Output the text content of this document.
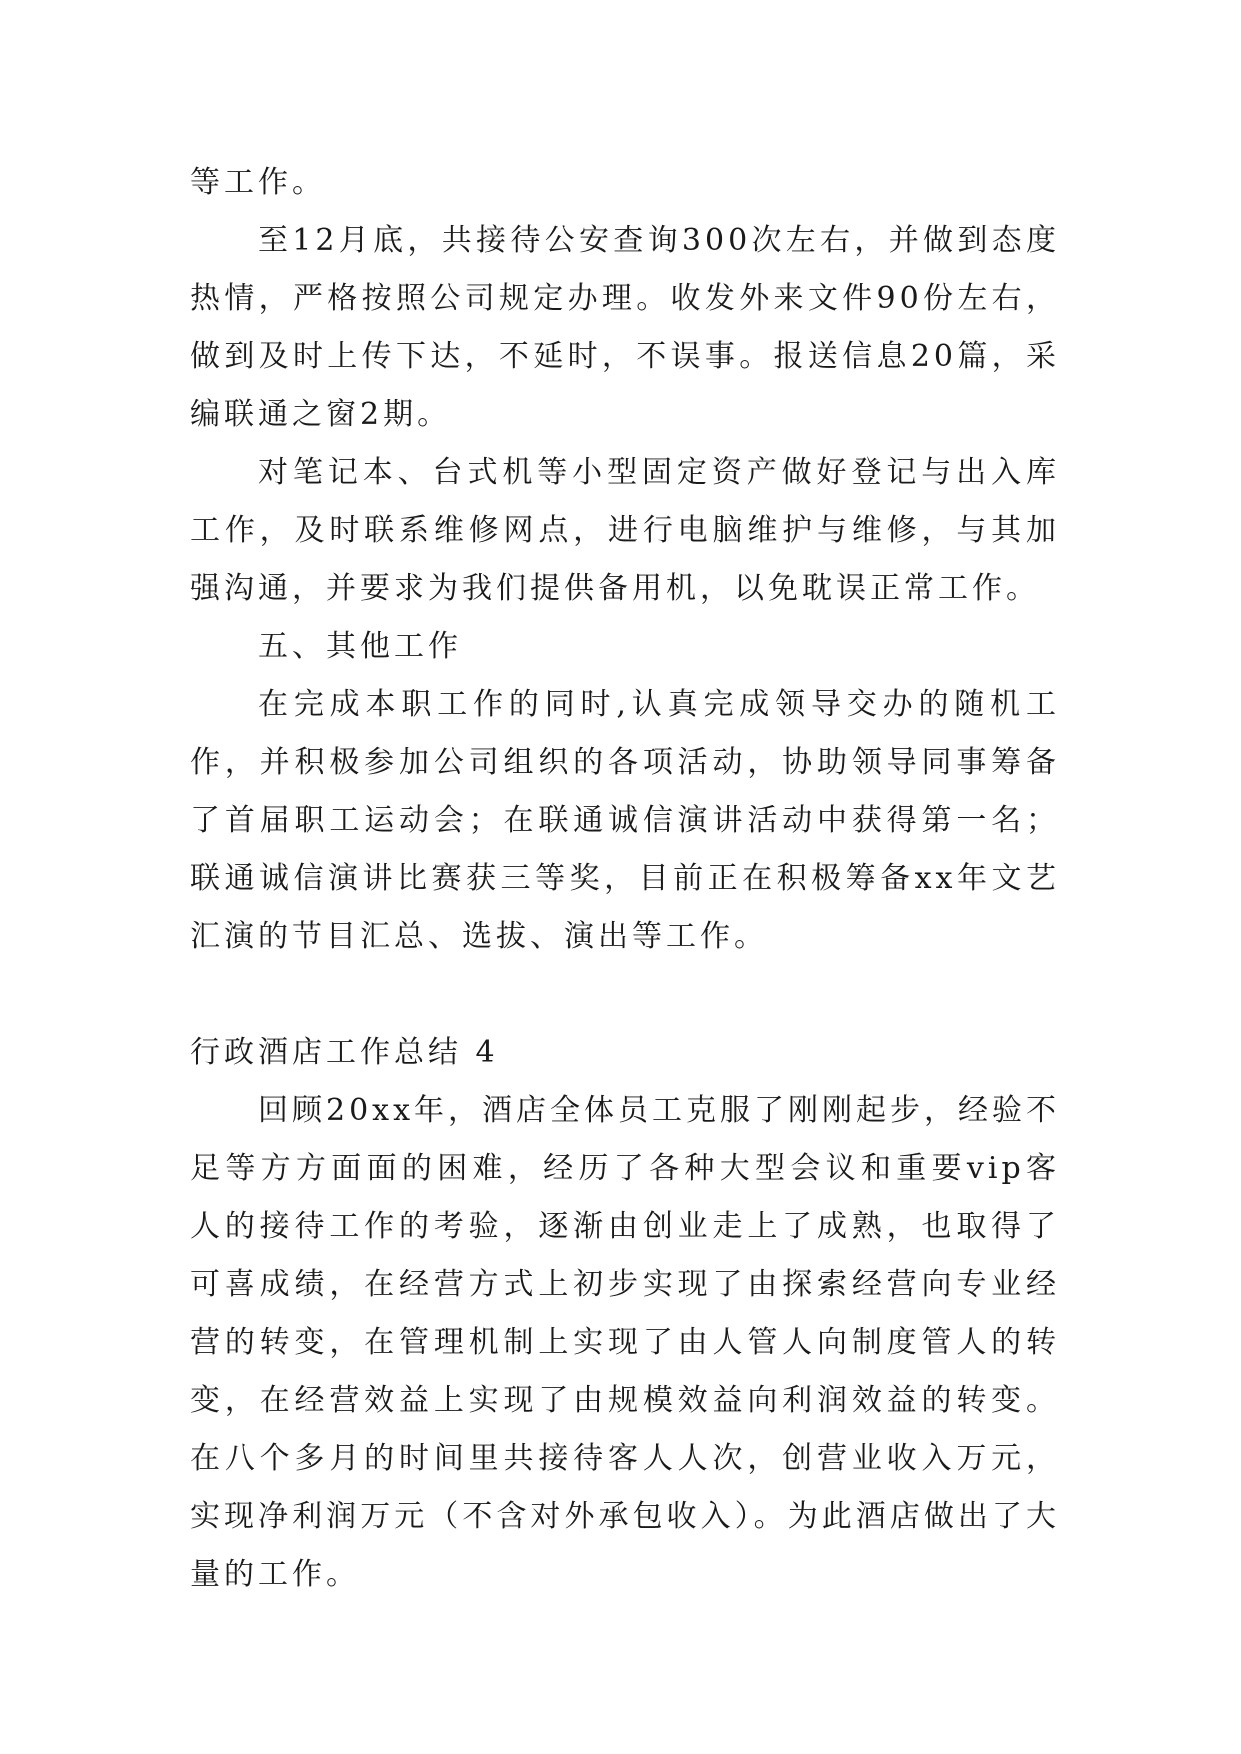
等工作。

至12月底，共接待公安查询300次左右，并做到态度热情，严格按照公司规定办理。收发外来文件90份左右，做到及时上传下达，不延时，不误事。报送信息20篇，采编联通之窗2期。

对笔记本、台式机等小型固定资产做好登记与出入库工作，及时联系维修网点，进行电脑维护与维修，与其加强沟通，并要求为我们提供备用机，以免耽误正常工作。

五、其他工作

在完成本职工作的同时,认真完成领导交办的随机工作，并积极参加公司组织的各项活动，协助领导同事筹备了首届职工运动会；在联通诚信演讲活动中获得第一名；联通诚信演讲比赛获三等奖，目前正在积极筹备xx年文艺汇演的节目汇总、选拔、演出等工作。

行政酒店工作总结 4

回顾20xx年，酒店全体员工克服了刚刚起步，经验不足等方方面面的困难，经历了各种大型会议和重要vip客人的接待工作的考验，逐渐由创业走上了成熟，也取得了可喜成绩，在经营方式上初步实现了由探索经营向专业经营的转变，在管理机制上实现了由人管人向制度管人的转变，在经营效益上实现了由规模效益向利润效益的转变。在八个多月的时间里共接待客人人次，创营业收入万元，实现净利润万元（不含对外承包收入）。为此酒店做出了大量的工作。
